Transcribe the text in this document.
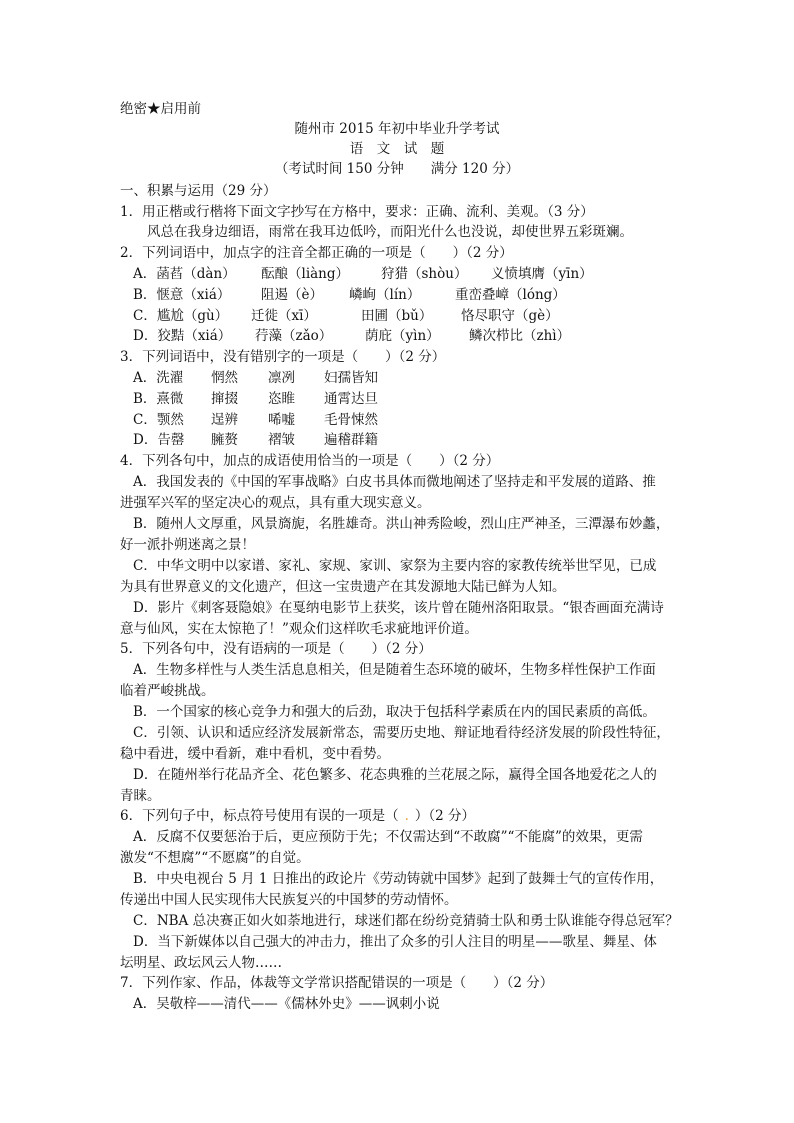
绝密★启用前
随州市 2015 年初中毕业升学考试
语　文　试　题
（考试时间 150 分钟　　满分 120 分）
一、积累与运用（29 分）
1．用正楷或行楷将下面文字抄写在方格中，要求：正确、流利、美观。（3 分）
风总在我身边细语，雨常在我耳边低吟，而阳光什么也没说，却使世界五彩斑斓。
2．下列词语中，加点字的注音全都正确的一项是（　　）（2 分）
A．菡萏（dàn）	酝酿（liàng）	狩猎（shòu）	义愤填膺（yīn）
B．惬意（xiá）	阻遏（è）	嶙峋（lín）	重峦叠嶂（lóng）
C．尴尬（gù）	迁徙（xī）	田圃（bǔ）	恪尽职守（gè）
D．狡黠（xiá）	荇藻（zǎo）	荫庇（yìn）	鳞次栉比（zhì）
3．下列词语中，没有错别字的一项是（　　）（2 分）
A．洗濯	惘然	凛冽	妇孺皆知
B．熹微	撺掇	恣睢	通霄达旦
C．颚然	逞辨	唏嘘	毛骨悚然
D．告罄	臃赘	褶皱	遍稽群籍
4．下列各句中，加点的成语使用恰当的一项是（　　）（2 分）
A．我国发表的《中国的军事战略》白皮书具体而微地阐述了坚持走和平发展的道路、推
进强军兴军的坚定决心的观点，具有重大现实意义。
B．随州人文厚重，风景旖旎，名胜雄奇。洪山神秀险峻，烈山庄严神圣，三潭瀑布妙蠡，
好一派扑朔迷离之景！
C．中华文明中以家谱、家礼、家规、家训、家祭为主要内容的家教传统举世罕见，已成
为具有世界意义的文化遗产，但这一宝贵遗产在其发源地大陆已鲜为人知。
D．影片《刺客聂隐娘》在戛纳电影节上获奖，该片曾在随州洛阳取景。“银杏画面充满诗
意与仙风，实在太惊艳了！”观众们这样吹毛求疵地评价道。
5．下列各句中，没有语病的一项是（　　）（2 分）
A．生物多样性与人类生活息息相关，但是随着生态环境的破坏，生物多样性保护工作面
临着严峻挑战。
B．一个国家的核心竞争力和强大的后劲，取决于包括科学素质在内的国民素质的高低。
C．引领、认识和适应经济发展新常态，需要历史地、辩证地看待经济发展的阶段性特征，
稳中看进，缓中看新，难中看机，变中看势。
D．在随州举行花品齐全、花色繁多、花态典雅的兰花展之际，赢得全国各地爱花之人的
青睐。
6．下列句子中，标点符号使用有误的一项是（ . ）（2 分）
A．反腐不仅要惩治于后，更应预防于先；不仅需达到“不敢腐”“不能腐”的效果，更需
激发“不想腐”“不愿腐”的自觉。
B．中央电视台 5 月 1 日推出的政论片《劳动铸就中国梦》起到了鼓舞士气的宣传作用，
传递出中国人民实现伟大民族复兴的中国梦的劳动情怀。
C．NBA 总决赛正如火如荼地进行，球迷们都在纷纷竞猜骑士队和勇士队谁能夺得总冠军？
D．当下新媒体以自己强大的冲击力，推出了众多的引人注目的明星——歌星、舞星、体
坛明星、政坛风云人物……
7．下列作家、作品，体裁等文学常识搭配错误的一项是（　　）（2 分）
A．吴敬梓——清代——《儒林外史》——讽刺小说
